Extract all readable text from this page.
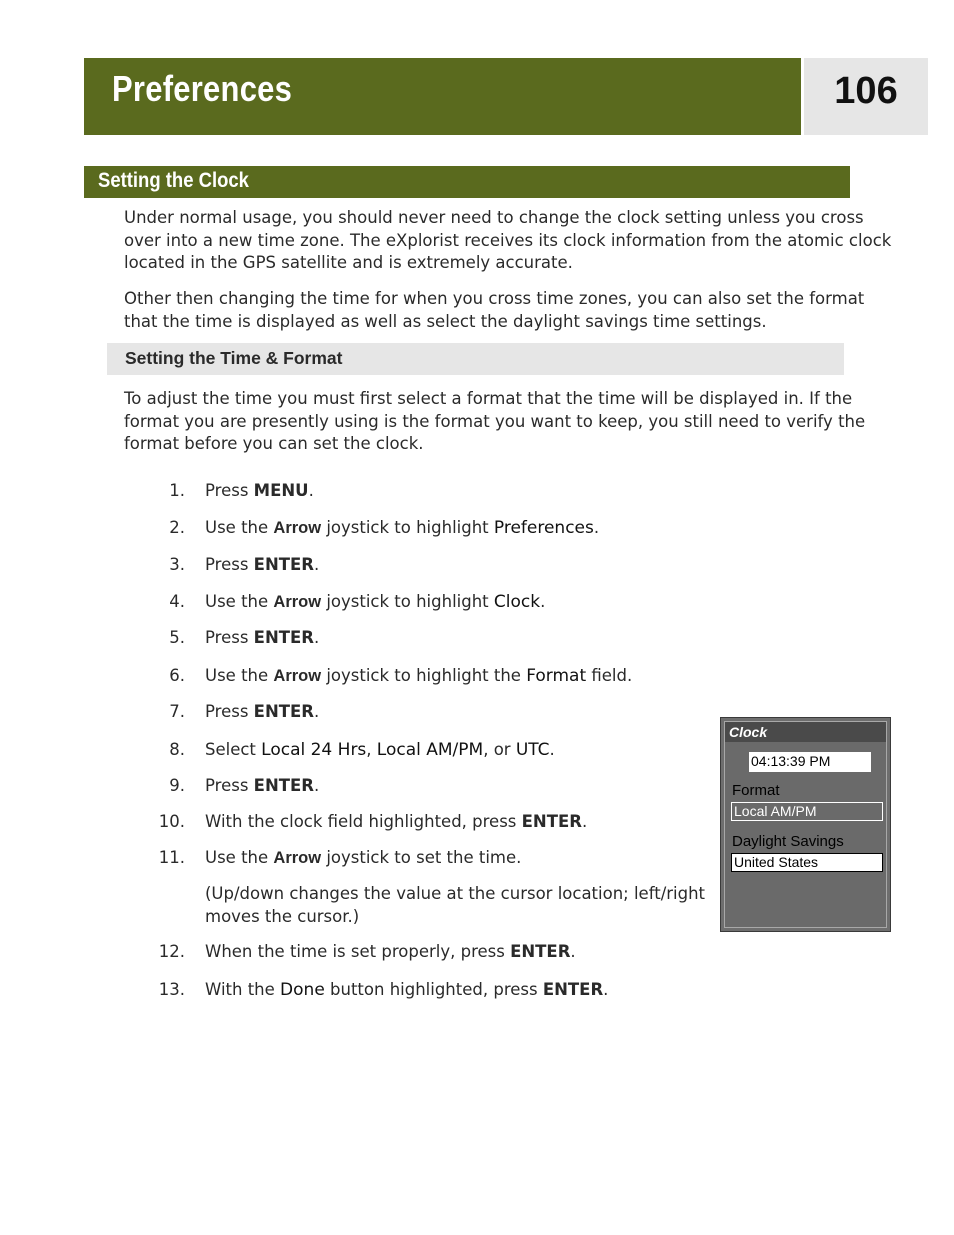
Preferences	106
Setting the Clock
Under normal usage, you should never need to change the clock setting unless you cross over into a new time zone. The eXplorist receives its clock information from the atomic clock located in the GPS satellite and is extremely accurate.
Other then changing the time for when you cross time zones, you can also set the format that the time is displayed as well as select the daylight savings time settings.
Setting the Time & Format
To adjust the time you must first select a format that the time will be displayed in. If the format you are presently using is the format you want to keep, you still need to verify the format before you can set the clock.
1. Press MENU.
2. Use the Arrow joystick to highlight Preferences.
3. Press ENTER.
4. Use the Arrow joystick to highlight Clock.
5. Press ENTER.
6. Use the Arrow joystick to highlight the Format field.
7. Press ENTER.
8. Select Local 24 Hrs, Local AM/PM, or UTC.
9. Press ENTER.
10. With the clock field highlighted, press ENTER.
11. Use the Arrow joystick to set the time.
12. When the time is set properly, press ENTER.
13. With the Done button highlighted, press ENTER.
(Up/down changes the value at the cursor location; left/right moves the cursor.)
Clock
04:13:39 PM
Format
Local AM/PM
Daylight Savings
United States
